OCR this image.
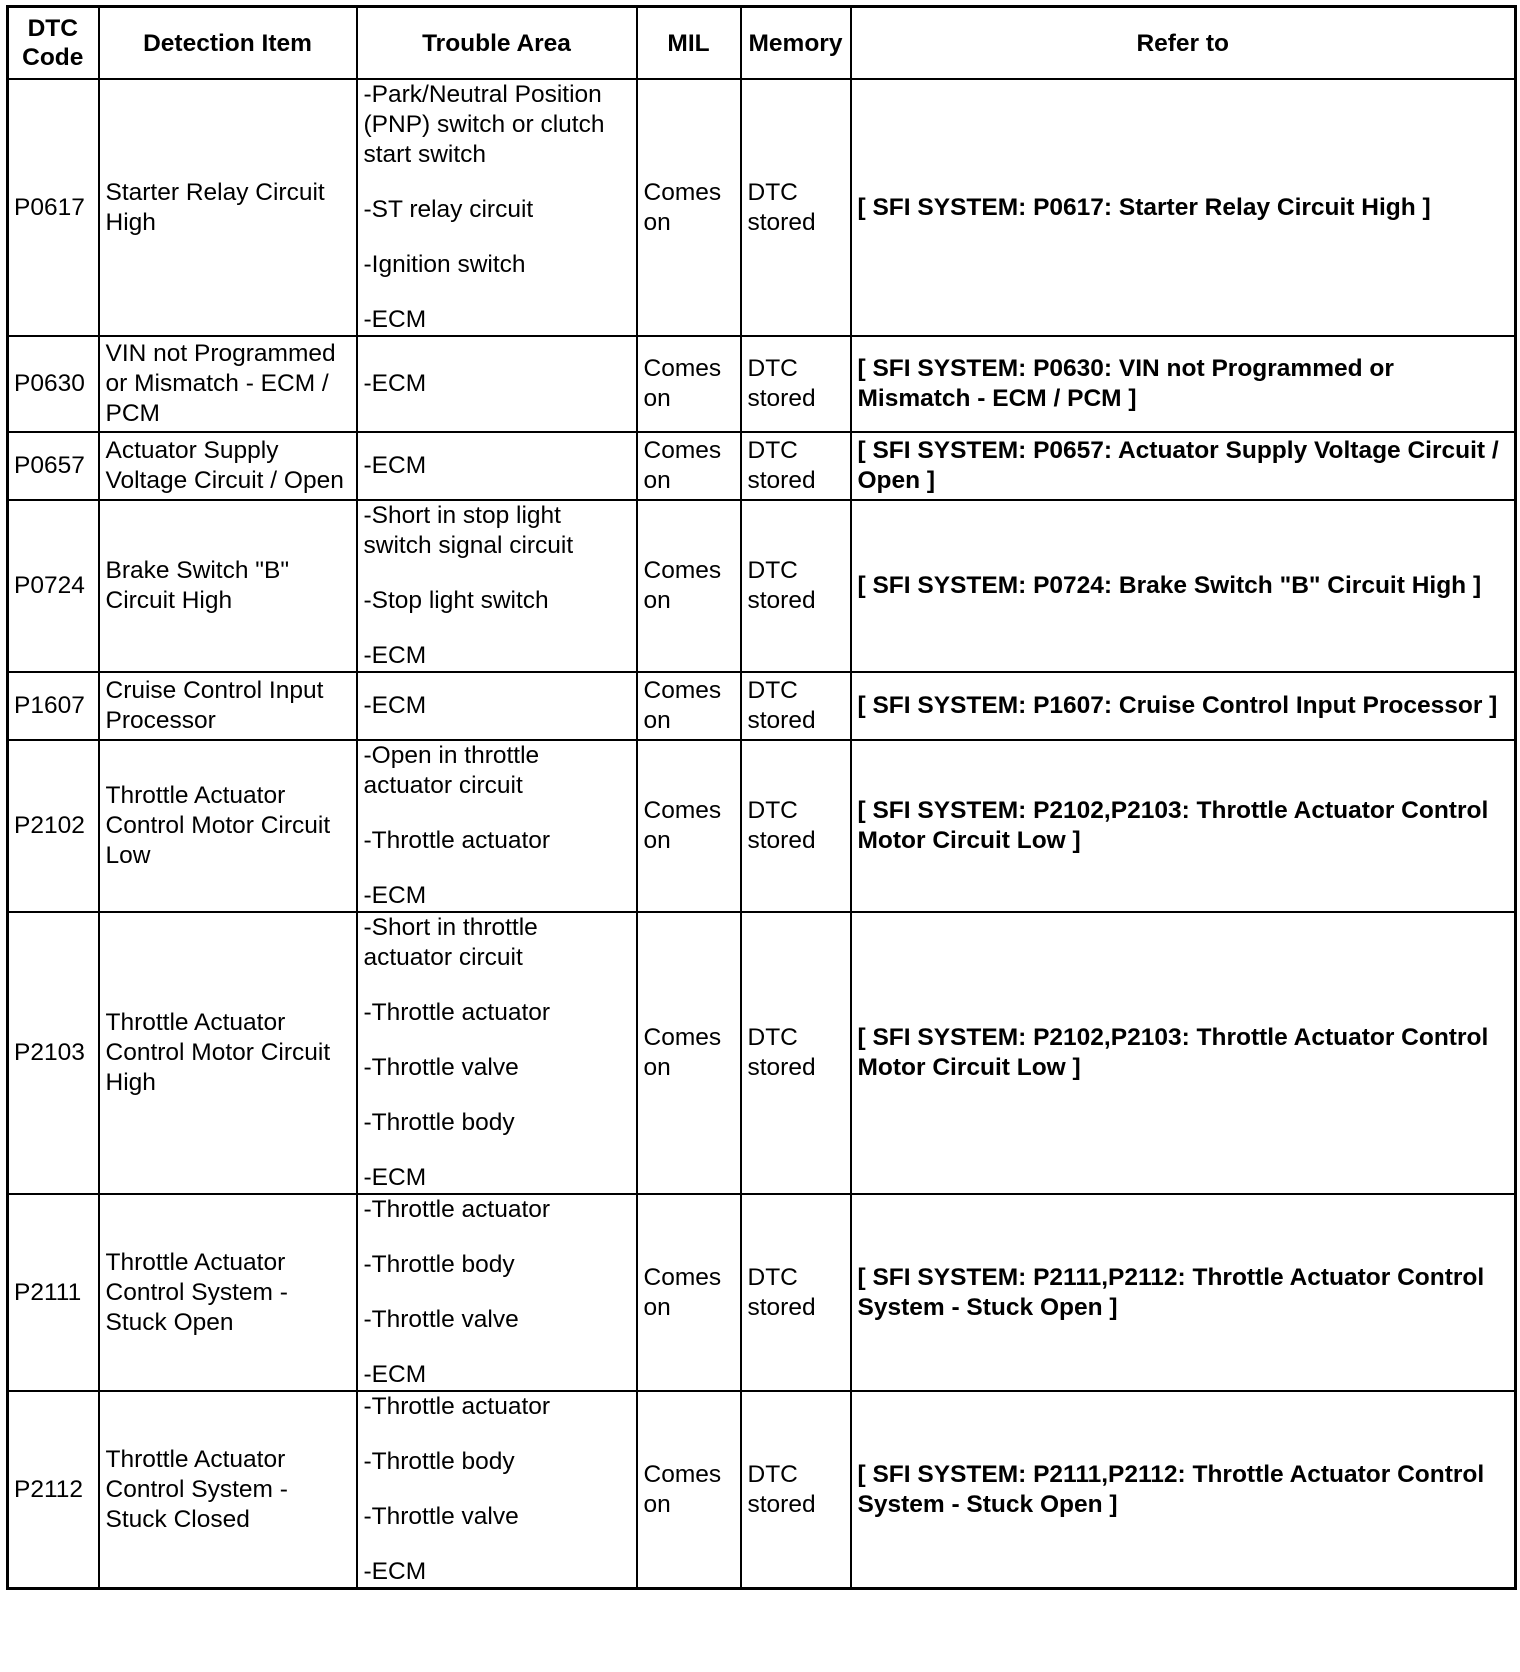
DTC Code	Detection Item	Trouble Area	MIL	Memory	Refer to
P0617	Starter Relay Circuit High	-Park/Neutral Position (PNP) switch or clutch start switch
-ST relay circuit
-Ignition switch
-ECM	Comes on	DTC stored	[ SFI SYSTEM: P0617: Starter Relay Circuit High ]
P0630	VIN not Programmed or Mismatch - ECM / PCM	-ECM	Comes on	DTC stored	[ SFI SYSTEM: P0630: VIN not Programmed or Mismatch - ECM / PCM ]
P0657	Actuator Supply Voltage Circuit / Open	-ECM	Comes on	DTC stored	[ SFI SYSTEM: P0657: Actuator Supply Voltage Circuit / Open ]
P0724	Brake Switch "B" Circuit High	-Short in stop light switch signal circuit
-Stop light switch
-ECM	Comes on	DTC stored	[ SFI SYSTEM: P0724: Brake Switch "B" Circuit High ]
P1607	Cruise Control Input Processor	-ECM	Comes on	DTC stored	[ SFI SYSTEM: P1607: Cruise Control Input Processor ]
P2102	Throttle Actuator Control Motor Circuit Low	-Open in throttle actuator circuit
-Throttle actuator
-ECM	Comes on	DTC stored	[ SFI SYSTEM: P2102,P2103: Throttle Actuator Control Motor Circuit Low ]
P2103	Throttle Actuator Control Motor Circuit High	-Short in throttle actuator circuit
-Throttle actuator
-Throttle valve
-Throttle body
-ECM	Comes on	DTC stored	[ SFI SYSTEM: P2102,P2103: Throttle Actuator Control Motor Circuit Low ]
P2111	Throttle Actuator Control System - Stuck Open	-Throttle actuator
-Throttle body
-Throttle valve
-ECM	Comes on	DTC stored	[ SFI SYSTEM: P2111,P2112: Throttle Actuator Control System - Stuck Open ]
P2112	Throttle Actuator Control System - Stuck Closed	-Throttle actuator
-Throttle body
-Throttle valve
-ECM	Comes on	DTC stored	[ SFI SYSTEM: P2111,P2112: Throttle Actuator Control System - Stuck Open ]
